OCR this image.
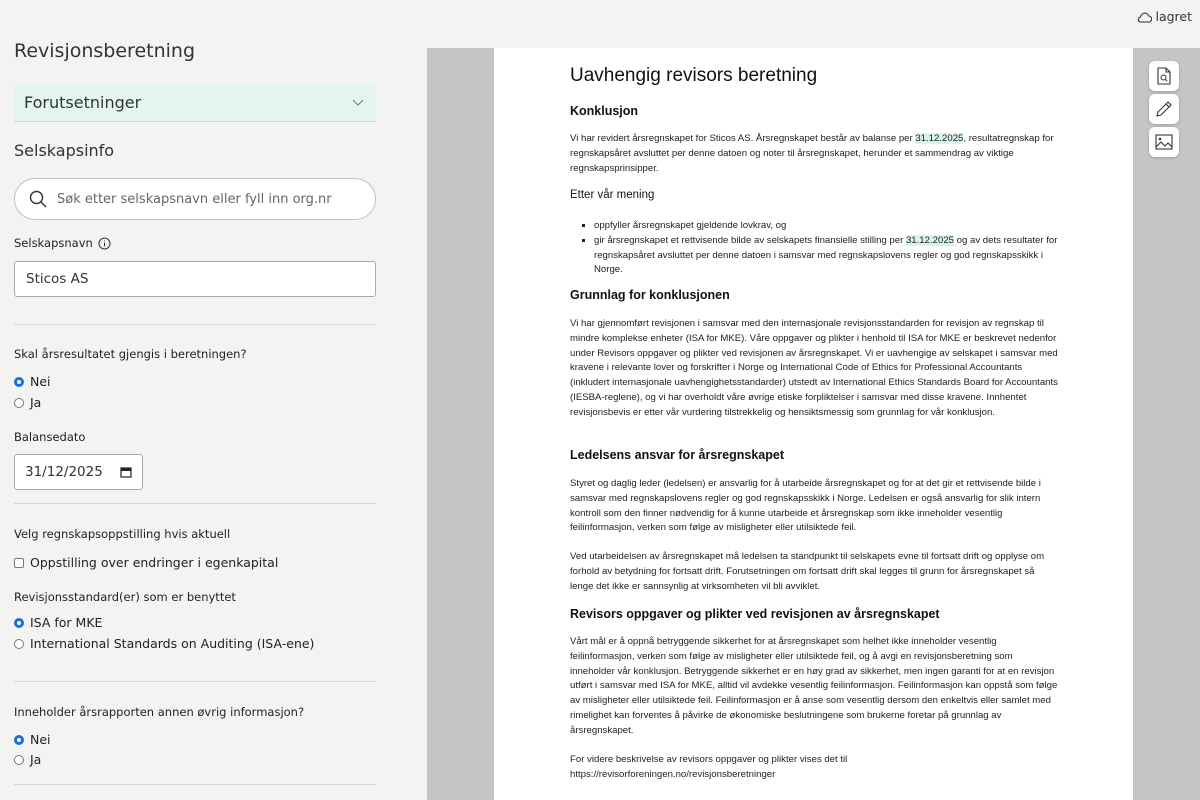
lagret
Revisjonsberetning
Forutsetninger
Selskapsinfo
Søk etter selskapsnavn eller fyll inn org.nr
Selskapsnavn
Sticos AS
Skal årsresultatet gjengis i beretningen?
Nei
Ja
Balansedato
31/12/2025
Velg regnskapsoppstilling hvis aktuell
Oppstilling over endringer i egenkapital
Revisjonsstandard(er) som er benyttet
ISA for MKE
International Standards on Auditing (ISA-ene)
Inneholder årsrapporten annen øvrig informasjon?
Nei
Ja
Uavhengig revisors beretning
Konklusjon

Vi har revidert årsregnskapet for Sticos AS. Årsregnskapet består av balanse per 31.12.2025, resultatregnskap for regnskapsåret avsluttet per denne datoen og noter til årsregnskapet, herunder et sammendrag av viktige regnskapsprinsipper.

Etter vår mening
▪ oppfyller årsregnskapet gjeldende lovkrav, og
▪ gir årsregnskapet et rettvisende bilde av selskapets finansielle stilling per 31.12.2025 og av dets resultater for regnskapsåret avsluttet per denne datoen i samsvar med regnskapslovens regler og god regnskapsskikk i Norge.
Grunnlag for konklusjonen

Vi har gjennomført revisjonen i samsvar med den internasjonale revisjonsstandarden for revisjon av regnskap til mindre komplekse enheter (ISA for MKE). Våre oppgaver og plikter i henhold til ISA for MKE er beskrevet nedenfor under Revisors oppgaver og plikter ved revisjonen av årsregnskapet. Vi er uavhengige av selskapet i samsvar med kravene i relevante lover og forskrifter i Norge og International Code of Ethics for Professional Accountants (inkludert internasjonale uavhengighetsstandarder) utstedt av International Ethics Standards Board for Accountants (IESBA-reglene), og vi har overholdt våre øvrige etiske forpliktelser i samsvar med disse kravene. Innhentet revisjonsbevis er etter vår vurdering tilstrekkelig og hensiktsmessig som grunnlag for vår konklusjon.

Ledelsens ansvar for årsregnskapet

Styret og daglig leder (ledelsen) er ansvarlig for å utarbeide årsregnskapet og for at det gir et rettvisende bilde i samsvar med regnskapslovens regler og god regnskapsskikk i Norge. Ledelsen er også ansvarlig for slik intern kontroll som den finner nødvendig for å kunne utarbeide et årsregnskap som ikke inneholder vesentlig feilinformasjon, verken som følge av misligheter eller utilsiktede feil.

Ved utarbeidelsen av årsregnskapet må ledelsen ta standpunkt til selskapets evne til fortsatt drift og opplyse om forhold av betydning for fortsatt drift. Forutsetningen om fortsatt drift skal legges til grunn for årsregnskapet så lenge det ikke er sannsynlig at virksomheten vil bli avviklet.

Revisors oppgaver og plikter ved revisjonen av årsregnskapet

Vårt mål er å oppnå betryggende sikkerhet for at årsregnskapet som helhet ikke inneholder vesentlig feilinformasjon, verken som følge av misligheter eller utilsiktede feil, og å avgi en revisjonsberetning som inneholder vår konklusjon. Betryggende sikkerhet er en høy grad av sikkerhet, men ingen garanti for at en revisjon utført i samsvar med ISA for MKE, alltid vil avdekke vesentlig feilinformasjon. Feilinformasjon kan oppstå som følge av misligheter eller utilsiktede feil. Feilinformasjon er å anse som vesentlig dersom den enkeltvis eller samlet med rimelighet kan forventes å påvirke de økonomiske beslutningene som brukerne foretar på grunnlag av årsregnskapet.

For videre beskrivelse av revisors oppgaver og plikter vises det til
https://revisorforeningen.no/revisjonsberetninger
